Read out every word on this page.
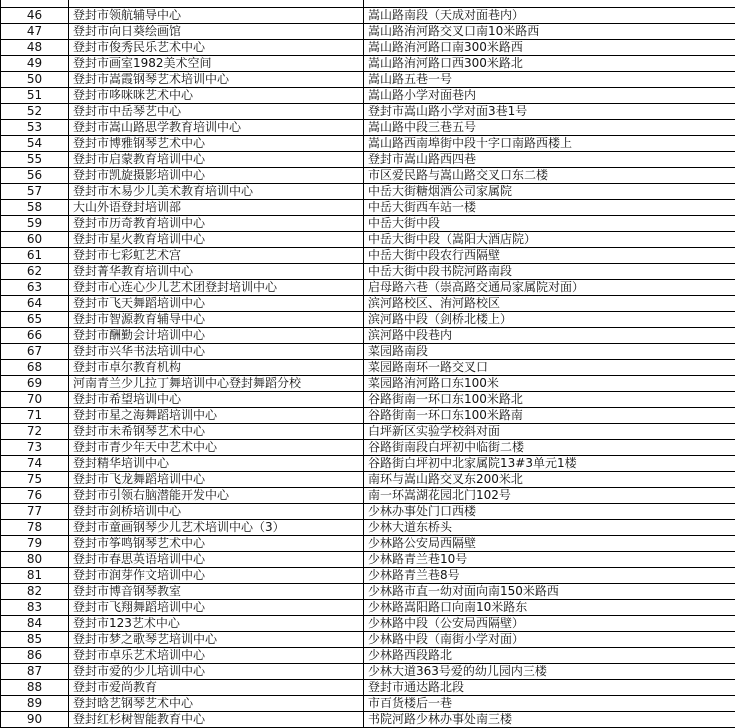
46	登封市领航辅导中心	嵩山路南段（天成对面巷内）
47	登封市向日葵绘画馆	嵩山路洧河路交叉口南10米路西
48	登封市俊秀民乐艺术中心	嵩山路洧河路口南300米路西
49	登封市画室1982美术空间	嵩山路洧河路口西300米路北
50	登封市嵩霞钢琴艺术培训中心	嵩山路五巷一号
51	登封市哆咪咪艺术中心	嵩山路小学对面巷内
52	登封市中岳琴艺中心	登封市嵩山路小学对面3巷1号
53	登封市嵩山路思学教育培训中心	嵩山路中段三巷五号
54	登封市博雅钢琴艺术中心	嵩山路西南埠街中段十字口南路西楼上
55	登封市启蒙教育培训中心	登封市嵩山路西四巷
56	登封市凯旋摄影培训中心	市区爱民路与嵩山路交叉口东二楼
57	登封市木易少儿美术教育培训中心	中岳大街糖烟酒公司家属院
58	大山外语登封培训部	中岳大街西车站一楼
59	登封市历奇教育培训中心	中岳大街中段
60	登封市星火教育培训中心	中岳大街中段（嵩阳大酒店院）
61	登封市七彩虹艺术宫	中岳大街中段农行西隔壁
62	登封菁华教育培训中心	中岳大街中段书院河路南段
63	登封市心连心少儿艺术团登封培训中心	启母路六巷（崇高路交通局家属院对面）
64	登封市飞天舞蹈培训中心	滨河路校区、洧河路校区
65	登封市智源教育辅导中心	滨河路中段（剑桥北楼上）
66	登封市酬勤会计培训中心	滨河路中段巷内
67	登封市兴华书法培训中心	菜园路南段
68	登封市卓尔教育机构	菜园路南环一路交叉口
69	河南青兰少儿拉丁舞培训中心登封舞蹈分校	菜园路洧河路口东100米
70	登封市希望培训中心	谷路街南一环口东100米路北
71	登封市星之海舞蹈培训中心	谷路街南一环口东100米路南
72	登封市未希钢琴艺术中心	白坪新区实验学校斜对面
73	登封市青少年天中艺术中心	谷路街南段白坪初中临街二楼
74	登封精华培训中心	谷路街白坪初中北家属院13#3单元1楼
75	登封市飞龙舞蹈培训中心	南环与嵩山路交叉东200米北
76	登封市引领右脑潜能开发中心	南一环嵩湖花园北门102号
77	登封市剑桥培训中心	少林办事处门口西楼
78	登封市童画钢琴少儿艺术培训中心（3）	少林大道东桥头
79	登封市筝鸣钢琴艺术中心	少林路公安局西隔壁
80	登封市春思英语培训中心	少林路青兰巷10号
81	登封市润芽作文培训中心	少林路青兰巷8号
82	登封市博音钢琴教室	少林路市直一幼对面向南150米路西
83	登封市飞翔舞蹈培训中心	少林路嵩阳路口向南10米路东
84	登封市123艺术中心	少林路中段（公安局西隔壁）
85	登封市梦之歌琴艺培训中心	少林路中段（南街小学对面）
86	登封市卓乐艺术培训中心	少林路西段路北
87	登封市爱的少儿培训中心	少林大道363号爱的幼儿园内三楼
88	登封市爱尚教育	登封市通达路北段
89	登封晗艺钢琴艺术中心	市百货楼后一巷
90	登封红杉树智能教育中心	书院河路少林办事处南三楼
